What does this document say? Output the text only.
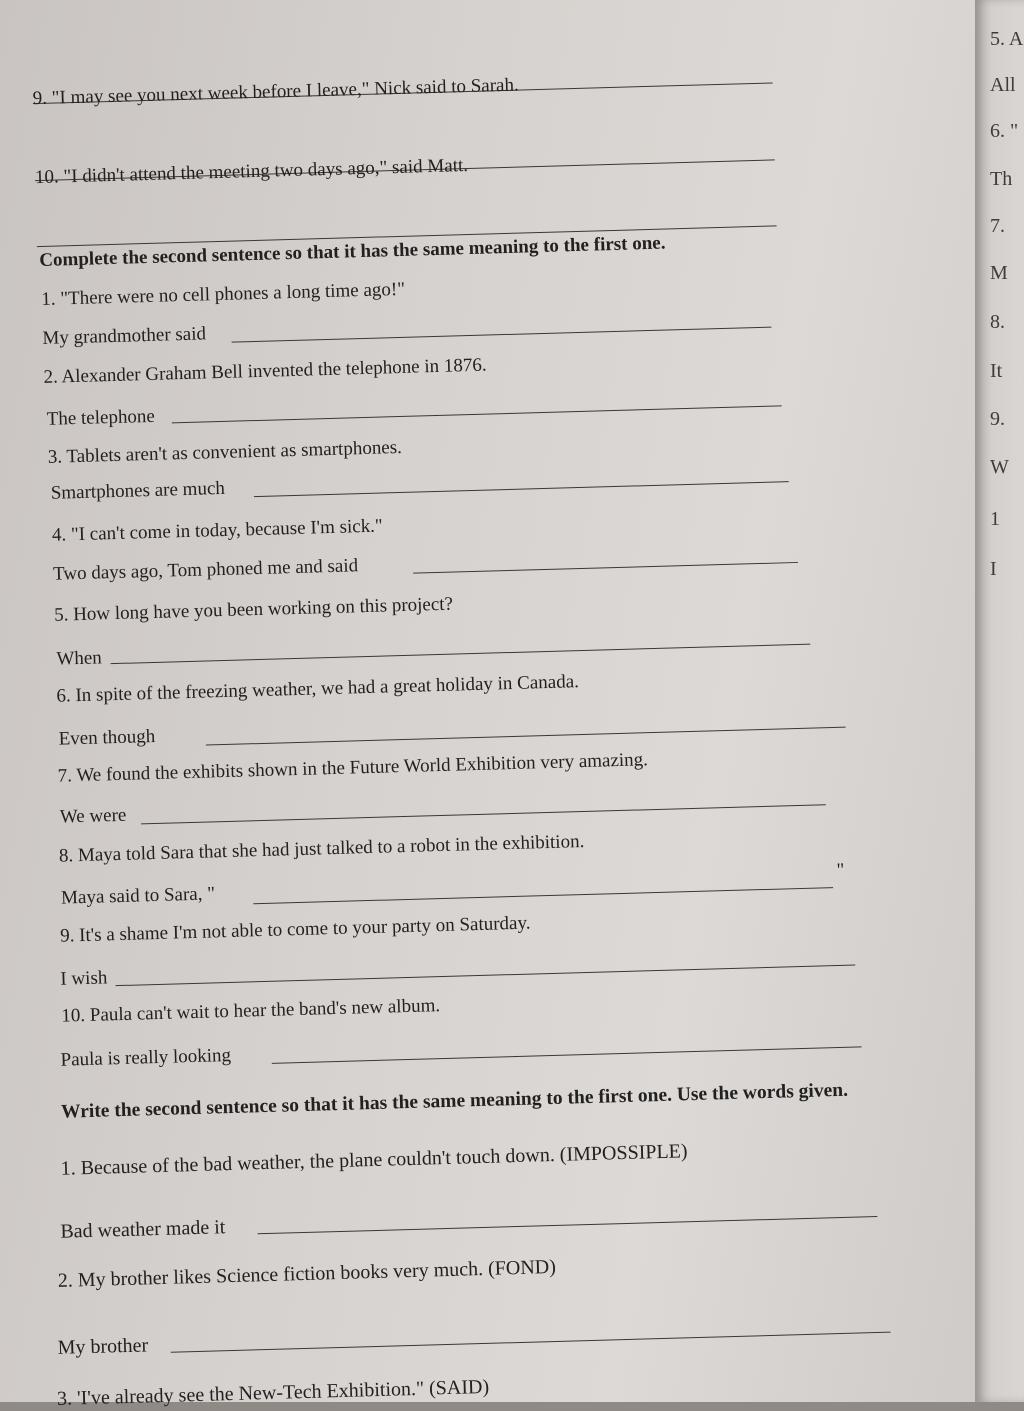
9. "I may see you next week before I leave," Nick said to Sarah.
10. "I didn't attend the meeting two days ago," said Matt.
Complete the second sentence so that it has the same meaning to the first one.
1. "There were no cell phones a long time ago!"
My grandmother said
2. Alexander Graham Bell invented the telephone in 1876.
The telephone
3. Tablets aren't as convenient as smartphones.
Smartphones are much
4. "I can't come in today, because I'm sick."
Two days ago, Tom phoned me and said
5. How long have you been working on this project?
When
6. In spite of the freezing weather, we had a great holiday in Canada.
Even though
7. We found the exhibits shown in the Future World Exhibition very amazing.
We were
8. Maya told Sara that she had just talked to a robot in the exhibition.
Maya said to Sara, "
"
9. It's a shame I'm not able to come to your party on Saturday.
I wish
10. Paula can't wait to hear the band's new album.
Paula is really looking
Write the second sentence so that it has the same meaning to the first one. Use the words given.
1. Because of the bad weather, the plane couldn't touch down. (IMPOSSIPLE)
Bad weather made it
2. My brother likes Science fiction books very much. (FOND)
My brother
3. 'I've already see the New-Tech Exhibition." (SAID)
5. A
All
6. "
Th
7.
M
8.
It
9.
W
1
I
